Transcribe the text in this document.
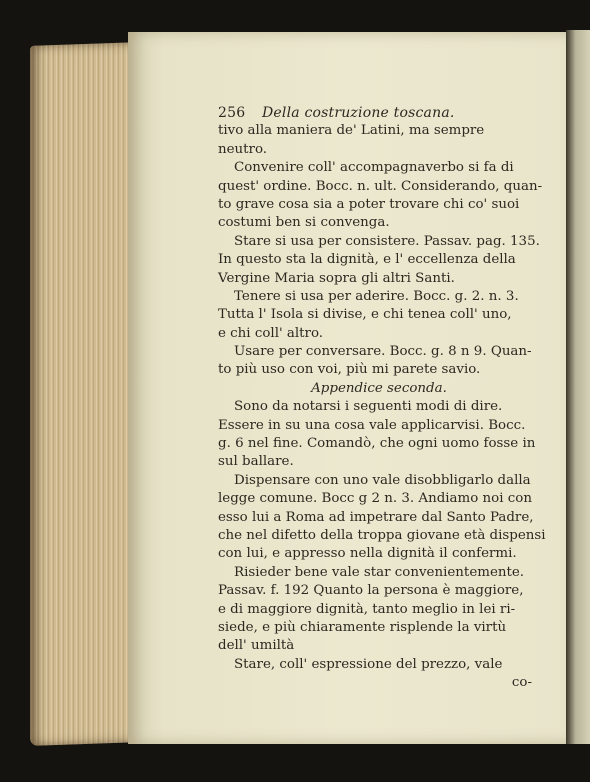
256 Della costruzione toscana.
tivo alla maniera de' Latini, ma sempre
neutro.
Convenire coll' accompagnaverbo si fa di
quest' ordine. Bocc. n. ult. Considerando, quan-
to grave cosa sia a poter trovare chi co' suoi
costumi ben si convenga.
Stare si usa per consistere. Passav. pag. 135.
In questo sta la dignità, e l' eccellenza della
Vergine Maria sopra gli altri Santi.
Tenere si usa per aderire. Bocc. g. 2. n. 3.
Tutta l' Isola si divise, e chi tenea coll' uno,
e chi coll' altro.
Usare per conversare. Bocc. g. 8 n 9. Quan-
to più uso con voi, più mi parete savio.
Appendice seconda.
Sono da notarsi i seguenti modi di dire.
Essere in su una cosa vale applicarvisi. Bocc.
g. 6 nel fine. Comandò, che ogni uomo fosse in
sul ballare.
Dispensare con uno vale disobbligarlo dalla
legge comune. Bocc g 2 n. 3. Andiamo noi con
esso lui a Roma ad impetrare dal Santo Padre,
che nel difetto della troppa giovane età dispensi
con lui, e appresso nella dignità il confermi.
Risieder bene vale star convenientemente.
Passav. f. 192 Quanto la persona è maggiore,
e di maggiore dignità, tanto meglio in lei ri-
siede, e più chiaramente risplende la virtù
dell' umiltà
Stare, coll' espressione del prezzo, vale
co-
